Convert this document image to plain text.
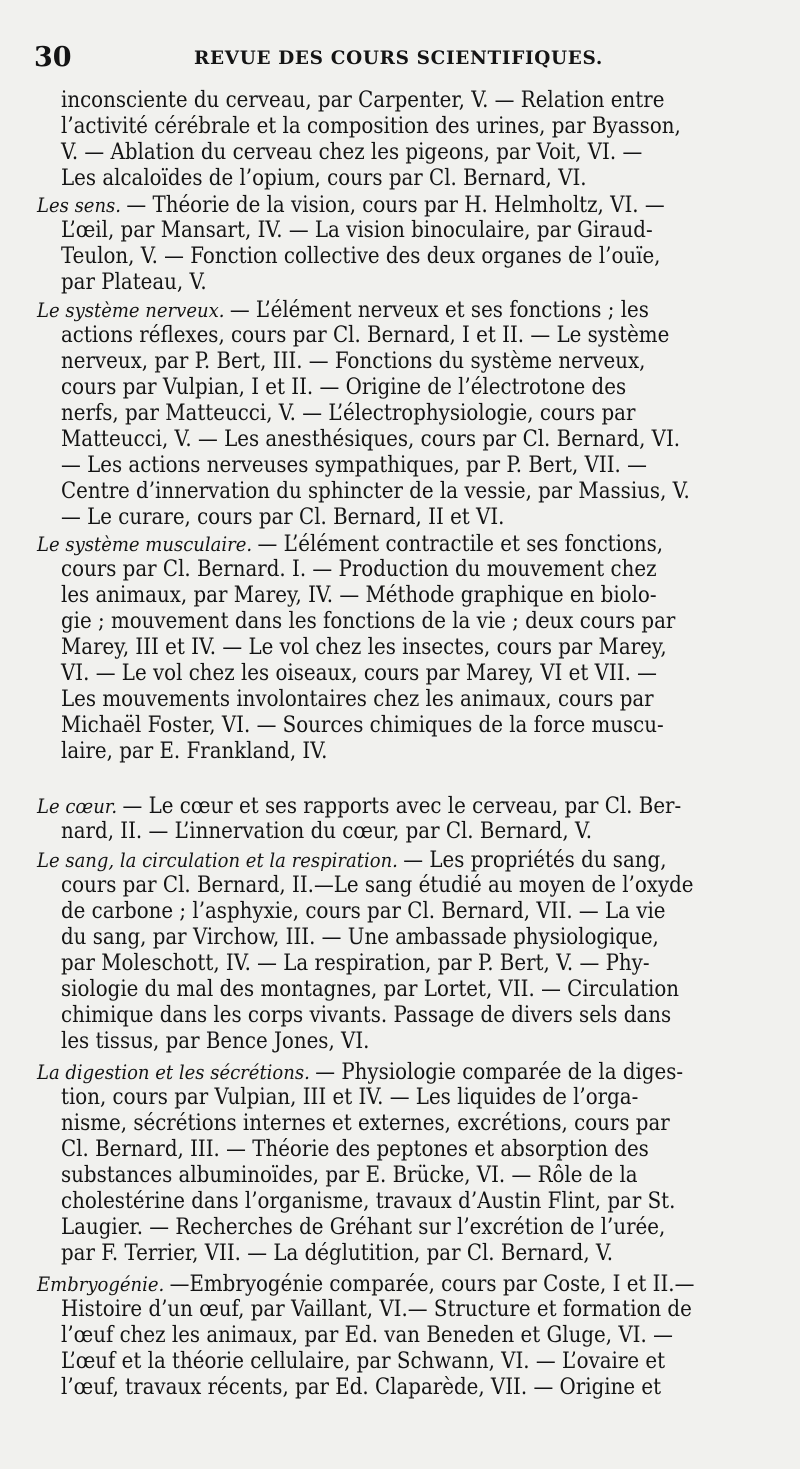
30	REVUE DES COURS SCIENTIFIQUES.
inconsciente du cerveau, par Carpenter, V. — Relation entre
l’activité cérébrale et la composition des urines, par Byasson,
V. — Ablation du cerveau chez les pigeons, par Voit, VI. —
Les alcaloïdes de l’opium, cours par Cl. Bernard, VI.
Les sens. — Théorie de la vision, cours par H. Helmholtz, VI. —
L’œil, par Mansart, IV. — La vision binoculaire, par Giraud-
Teulon, V. — Fonction collective des deux organes de l’ouïe,
par Plateau, V.
Le système nerveux. — L’élément nerveux et ses fonctions ; les
actions réflexes, cours par Cl. Bernard, I et II. — Le système
nerveux, par P. Bert, III. — Fonctions du système nerveux,
cours par Vulpian, I et II. — Origine de l’électrotone des
nerfs, par Matteucci, V. — L’électrophysiologie, cours par
Matteucci, V. — Les anesthésiques, cours par Cl. Bernard, VI.
— Les actions nerveuses sympathiques, par P. Bert, VII. —
Centre d’innervation du sphincter de la vessie, par Massius, V.
— Le curare, cours par Cl. Bernard, II et VI.
Le système musculaire. — L’élément contractile et ses fonctions,
cours par Cl. Bernard. I. — Production du mouvement chez
les animaux, par Marey, IV. — Méthode graphique en biolo-
gie ; mouvement dans les fonctions de la vie ; deux cours par
Marey, III et IV. — Le vol chez les insectes, cours par Marey,
VI. — Le vol chez les oiseaux, cours par Marey, VI et VII. —
Les mouvements involontaires chez les animaux, cours par
Michaël Foster, VI. — Sources chimiques de la force muscu-
laire, par E. Frankland, IV.
Le cœur. — Le cœur et ses rapports avec le cerveau, par Cl. Ber-
nard, II. — L’innervation du cœur, par Cl. Bernard, V.
Le sang, la circulation et la respiration. — Les propriétés du sang,
cours par Cl. Bernard, II.—Le sang étudié au moyen de l’oxyde
de carbone ; l’asphyxie, cours par Cl. Bernard, VII. — La vie
du sang, par Virchow, III. — Une ambassade physiologique,
par Moleschott, IV. — La respiration, par P. Bert, V. — Phy-
siologie du mal des montagnes, par Lortet, VII. — Circulation
chimique dans les corps vivants. Passage de divers sels dans
les tissus, par Bence Jones, VI.
La digestion et les sécrétions. — Physiologie comparée de la diges-
tion, cours par Vulpian, III et IV. — Les liquides de l’orga-
nisme, sécrétions internes et externes, excrétions, cours par
Cl. Bernard, III. — Théorie des peptones et absorption des
substances albuminoïdes, par E. Brücke, VI. — Rôle de la
cholestérine dans l’organisme, travaux d’Austin Flint, par St.
Laugier. — Recherches de Gréhant sur l’excrétion de l’urée,
par F. Terrier, VII. — La déglutition, par Cl. Bernard, V.
Embryogénie. —Embryogénie comparée, cours par Coste, I et II.—
Histoire d’un œuf, par Vaillant, VI.— Structure et formation de
l’œuf chez les animaux, par Ed. van Beneden et Gluge, VI. —
L’œuf et la théorie cellulaire, par Schwann, VI. — L’ovaire et
l’œuf, travaux récents, par Ed. Claparède, VII. — Origine et
